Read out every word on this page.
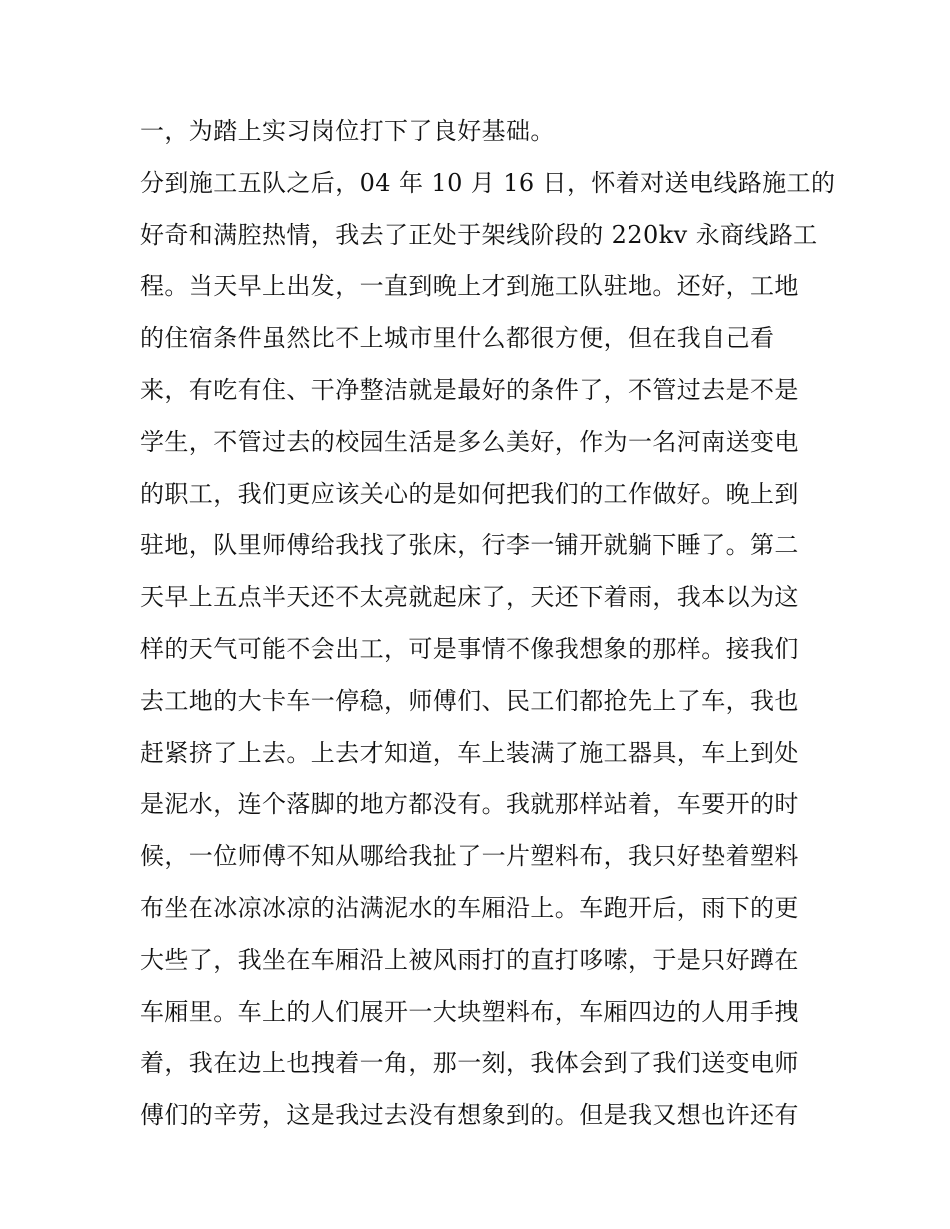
一，为踏上实习岗位打下了良好基础。
分到施工五队之后，04 年 10 月 16 日，怀着对送电线路施工的
好奇和满腔热情，我去了正处于架线阶段的 220kv 永商线路工
程。当天早上出发，一直到晚上才到施工队驻地。还好，工地
的住宿条件虽然比不上城市里什么都很方便，但在我自己看
来，有吃有住、干净整洁就是最好的条件了，不管过去是不是
学生，不管过去的校园生活是多么美好，作为一名河南送变电
的职工，我们更应该关心的是如何把我们的工作做好。晚上到
驻地，队里师傅给我找了张床，行李一铺开就躺下睡了。第二
天早上五点半天还不太亮就起床了，天还下着雨，我本以为这
样的天气可能不会出工，可是事情不像我想象的那样。接我们
去工地的大卡车一停稳，师傅们、民工们都抢先上了车，我也
赶紧挤了上去。上去才知道，车上装满了施工器具，车上到处
是泥水，连个落脚的地方都没有。我就那样站着，车要开的时
候，一位师傅不知从哪给我扯了一片塑料布，我只好垫着塑料
布坐在冰凉冰凉的沾满泥水的车厢沿上。车跑开后，雨下的更
大些了，我坐在车厢沿上被风雨打的直打哆嗦，于是只好蹲在
车厢里。车上的人们展开一大块塑料布，车厢四边的人用手拽
着，我在边上也拽着一角，那一刻，我体会到了我们送变电师
傅们的辛劳，这是我过去没有想象到的。但是我又想也许还有
